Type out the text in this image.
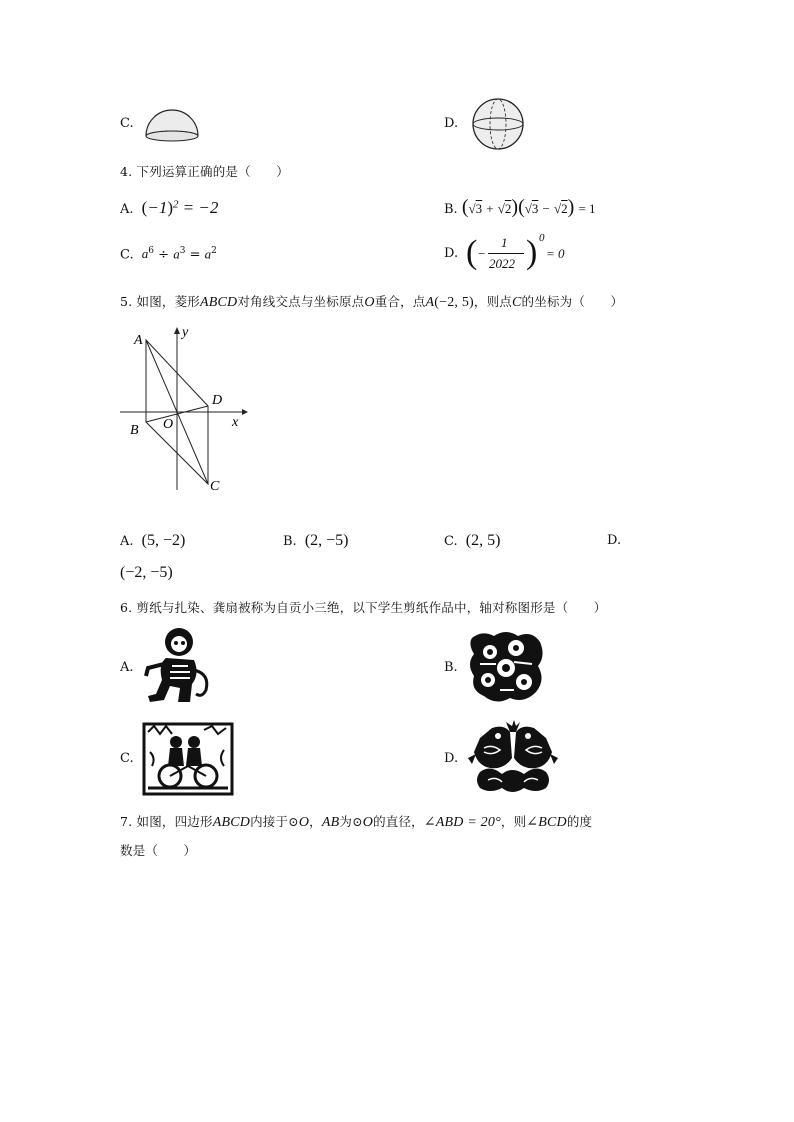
C.	D.
4. 下列运算正确的是（　　）
A. $(-1)^2 = -2$	B. (√3 + √2)(√3 − √2) = 1
C. $a^6 \div a^3 = a^2$	D. ( −
1
2022 ) 0
= 0
5. 如图，菱形ABCD对角线交点与坐标原点O重合，点A(−2, 5)，则点C的坐标为（　　）
A
B
C
D
O	x
y
A. (5, −2)	B. (2, −5)	C. (2, 5)	D.
(−2, −5)
6. 剪纸与扎染、龚扇被称为自贡小三绝，以下学生剪纸作品中，轴对称图形是（　　）
A.	B.
C.	D.
7. 如图，四边形ABCD内接于⊙O，AB为⊙O的直径，∠ABD = 20°，则∠BCD的度
数是（　　）
